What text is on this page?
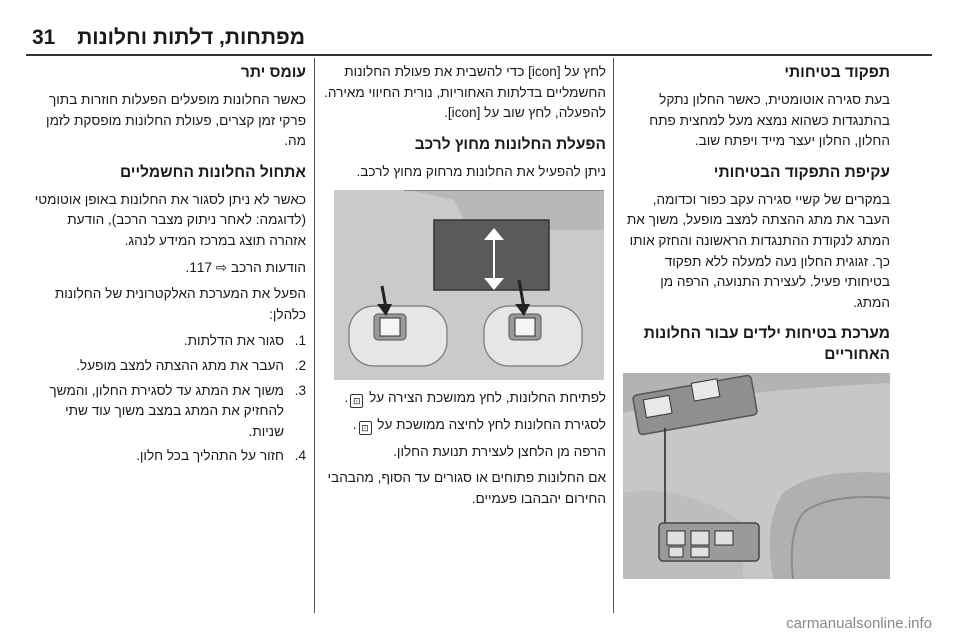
31 מפתחות, דלתות וחלונות
תפקוד בטיחותי

בעת סגירה אוטומטית, כאשר החלון נתקל בהתנגדות כשהוא נמצא מעל למחצית פתח החלון, החלון יעצר מייד ויפתח שוב.

עקיפת התפקוד הבטיחותי

במקרים של קשיי סגירה עקב כפור וכדומה, העבר את מתג ההצתה למצב מופעל, משוך את המתג לנקודת ההתנגדות הראשונה והחזק אותו כך. זגוגית החלון נעה למעלה ללא תפקוד בטיחותי פעיל. לעצירת התנועה, הרפה מן המתג.

מערכת בטיחות ילדים עבור החלונות האחוריים

לחץ על [icon] כדי להשבית את פעולת החלונות החשמליים בדלתות האחוריות, נורית החיווי מאירה. להפעלה, לחץ שוב על [icon].

הפעלת החלונות מחוץ לרכב

ניתן להפעיל את החלונות מרחוק מחוץ לרכב.

לפתיחת החלונות, לחץ ממושכת הצירה על ⊡.

לסגירת החלונות לחץ לחיצה ממושכת על ⊡.

הרפה מן הלחצן לעצירת תנועת החלון.

אם החלונות פתוחים או סגורים עד הסוף, מהבהבי החירום יהבהבו פעמיים.

עומס יתר

כאשר החלונות מופעלים הפעלות חוזרות בתוך פרקי זמן קצרים, פעולת החלונות מופסקת לזמן מה.

אתחול החלונות החשמליים

כאשר לא ניתן לסגור את החלונות באופן אוטומטי (לדוגמה: לאחר ניתוק מצבר הרכב), הודעת אזהרה תוצג במרכז המידע לנהג.

הודעות הרכב ⇨ 117.

הפעל את המערכת האלקטרונית של החלונות כלהלן:

1.
סגור את הדלתות.
2.
העבר את מתג ההצתה למצב מופעל.
3.
משוך את המתג עד לסגירת החלון, והמשך להחזיק את המתג במצב משוך עוד שתי שניות.
4.
חזור על התהליך בכל חלון.
carmanualsonline.info
